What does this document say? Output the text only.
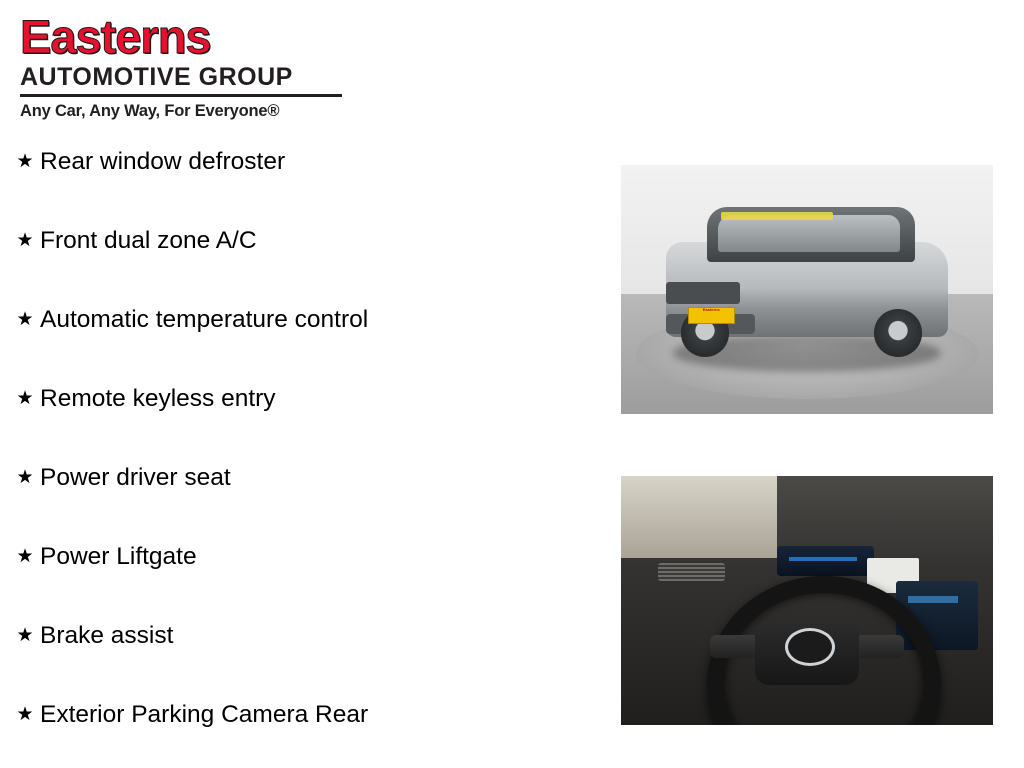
Easterns
AUTOMOTIVE GROUP
Any Car, Any Way, For Everyone®
★ Rear window defroster
★ Front dual zone A/C
★ Automatic temperature control
★ Remote keyless entry
★ Power driver seat
★ Power Liftgate
★ Brake assist
★ Exterior Parking Camera Rear
Easterns
